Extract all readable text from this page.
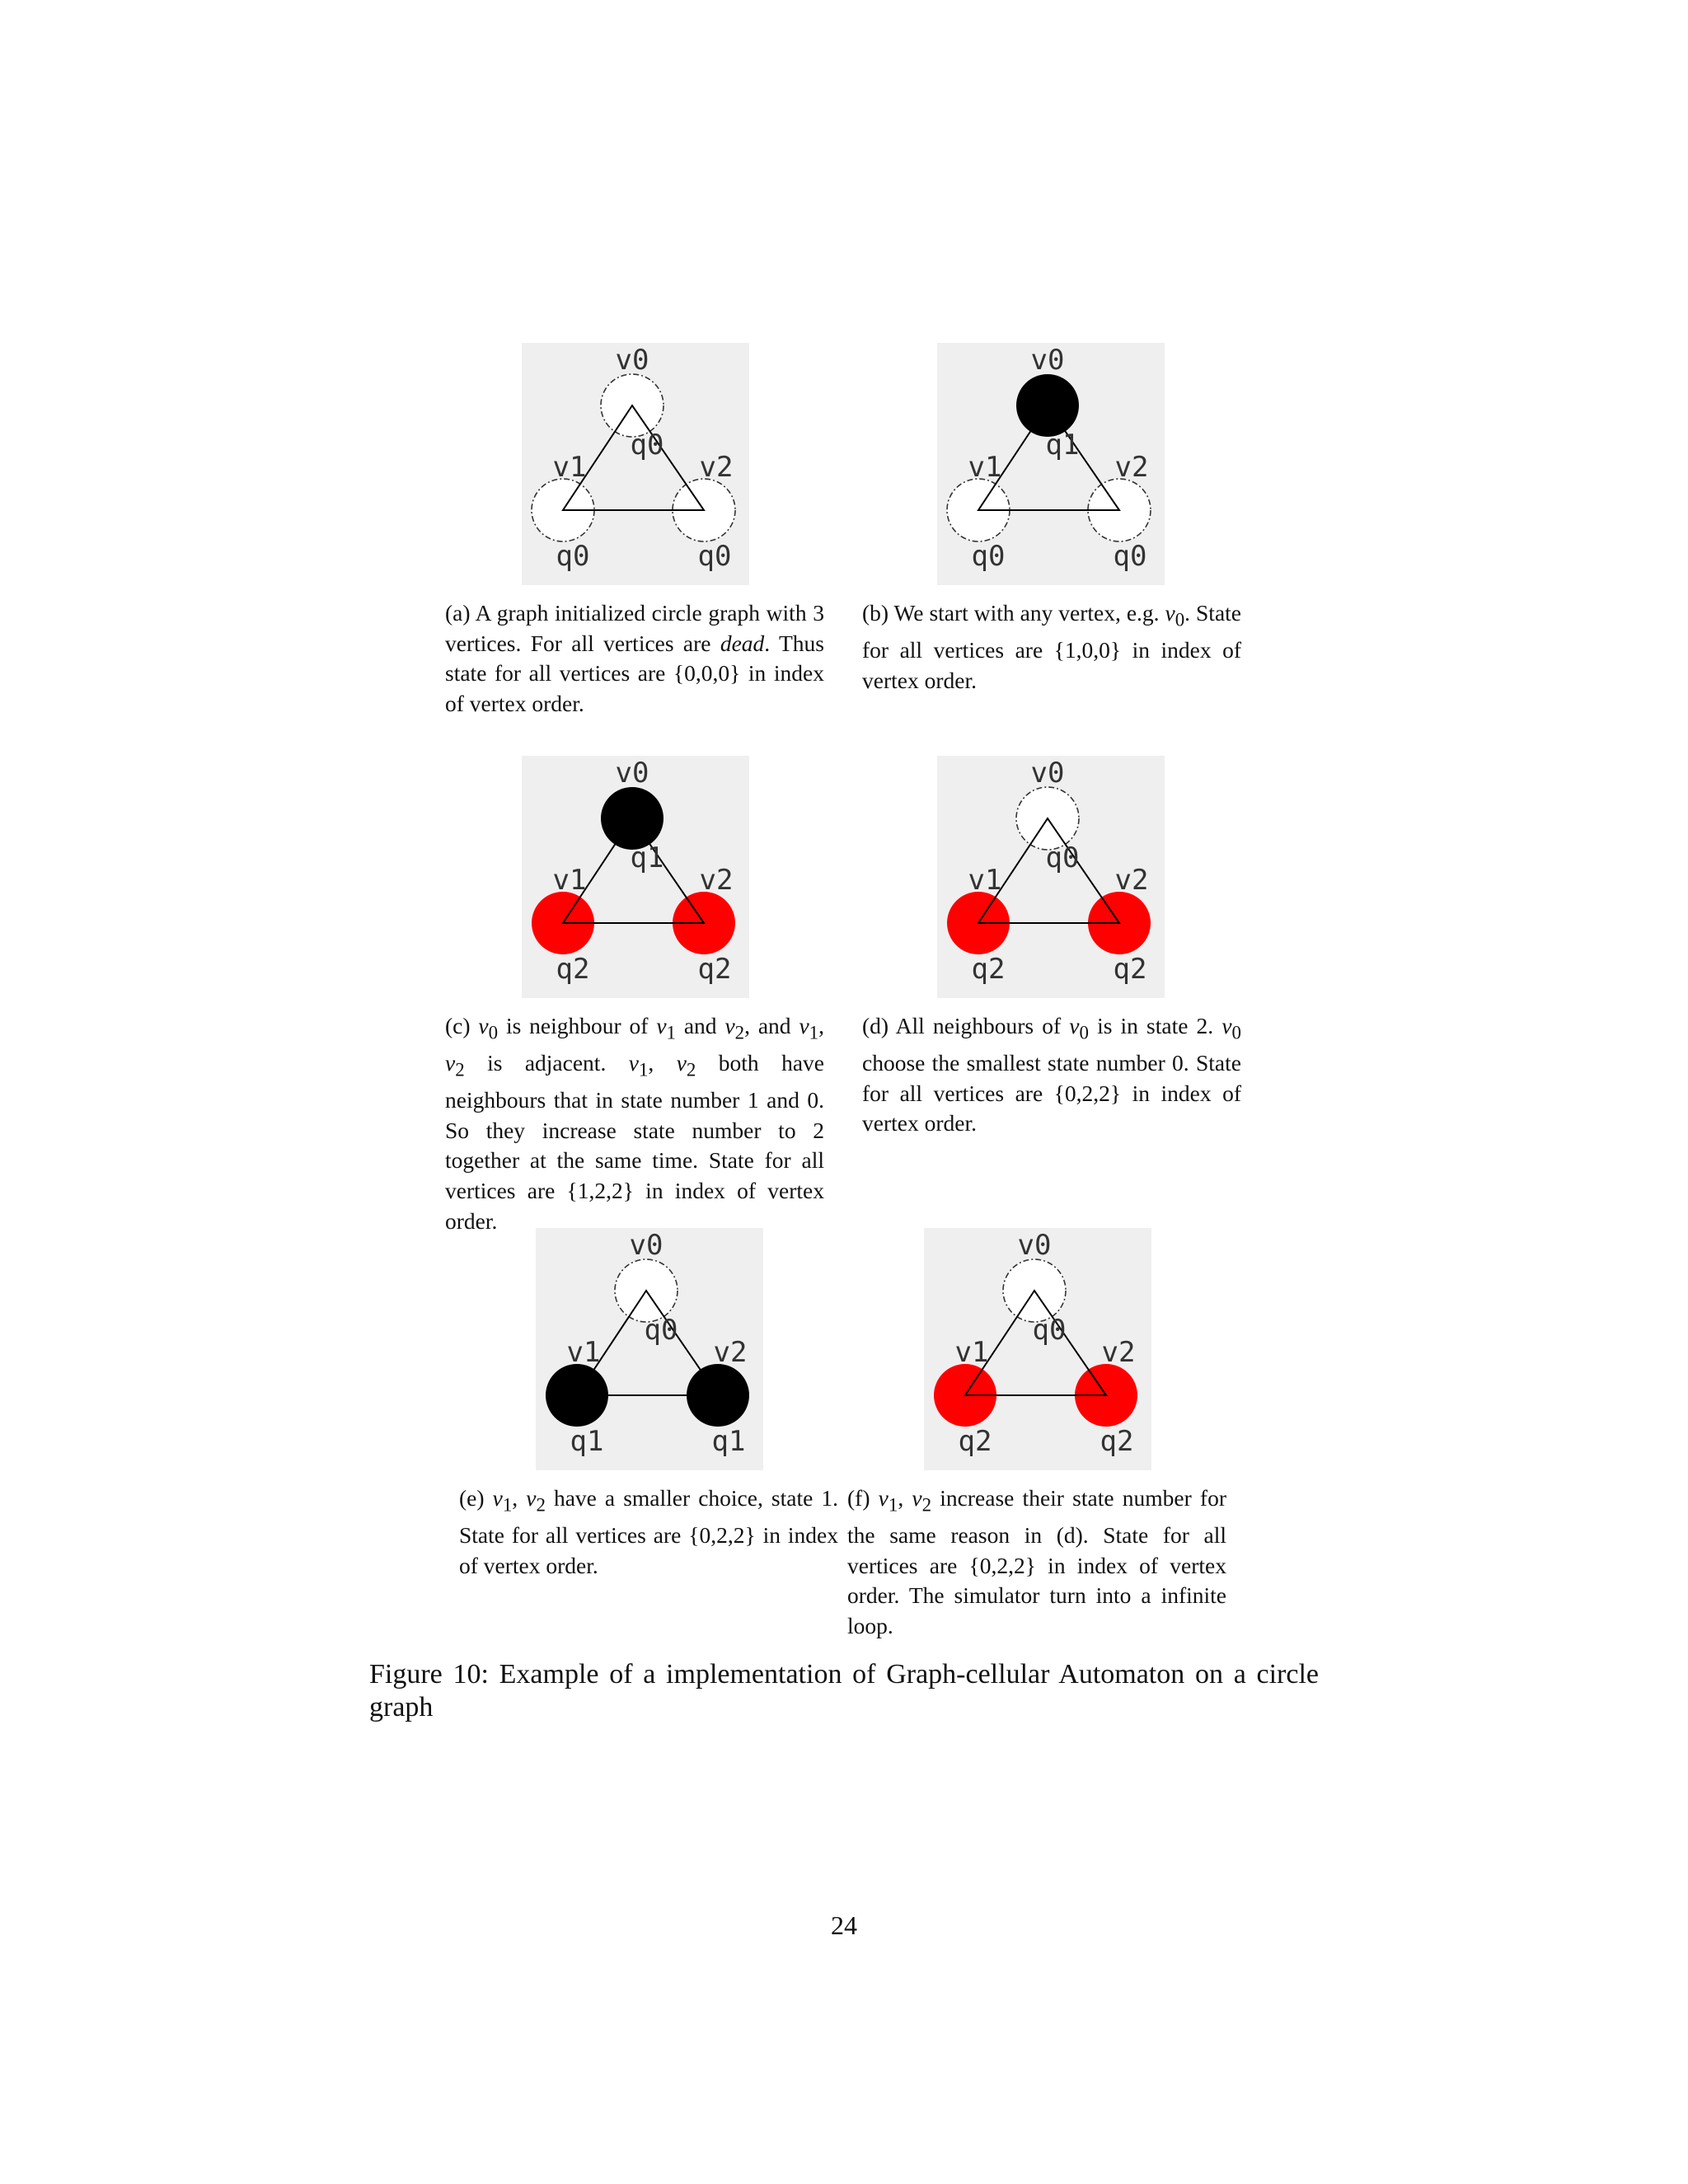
v0
v1	v2
q0
q0	q0
(a) A graph initialized circle graph with 3 vertices. For all vertices are dead. Thus state for all vertices are {0,0,0} in index of vertex order.
v0
v1	v2
q1
q0	q0
(b) We start with any vertex, e.g. $v_0$. State for all vertices are {1,0,0} in index of vertex order.
v0
v1	v2
q1
q2	q2
(c) $v_0$ is neighbour of $v_1$ and $v_2$, and $v_1$, $v_2$ is adjacent. $v_1$, $v_2$ both have neighbours that in state number 1 and 0. So they increase state number to 2 together at the same time. State for all vertices are {1,2,2} in index of vertex order.
v0
v1	v2
q0
q2	q2
(d) All neighbours of $v_0$ is in state 2. $v_0$ choose the smallest state number 0. State for all vertices are {0,2,2} in index of vertex order.
v0
v1	v2
q0
q1	q1
(e) $v_1$, $v_2$ have a smaller choice, state 1. State for all vertices are {0,2,2} in index of vertex order.
v0
v1	v2
q0
q2	q2
(f) $v_1$, $v_2$ increase their state number for the same reason in (d). State for all vertices are {0,2,2} in index of vertex order. The simulator turn into a infinite loop.
Figure 10: Example of a implementation of Graph-cellular Automaton on a circle graph
24
